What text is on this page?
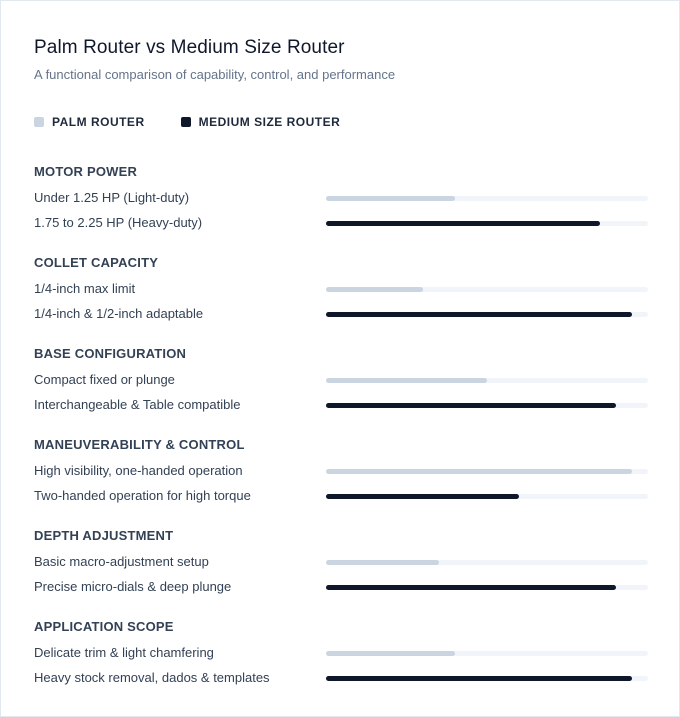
Palm Router vs Medium Size Router
A functional comparison of capability, control, and performance
PALM ROUTER	MEDIUM SIZE ROUTER
MOTOR POWER
Under 1.25 HP (Light-duty)
1.75 to 2.25 HP (Heavy-duty)
COLLET CAPACITY
1/4-inch max limit
1/4-inch & 1/2-inch adaptable
BASE CONFIGURATION
Compact fixed or plunge
Interchangeable & Table compatible
MANEUVERABILITY & CONTROL
High visibility, one-handed operation
Two-handed operation for high torque
DEPTH ADJUSTMENT
Basic macro-adjustment setup
Precise micro-dials & deep plunge
APPLICATION SCOPE
Delicate trim & light chamfering
Heavy stock removal, dados & templates
